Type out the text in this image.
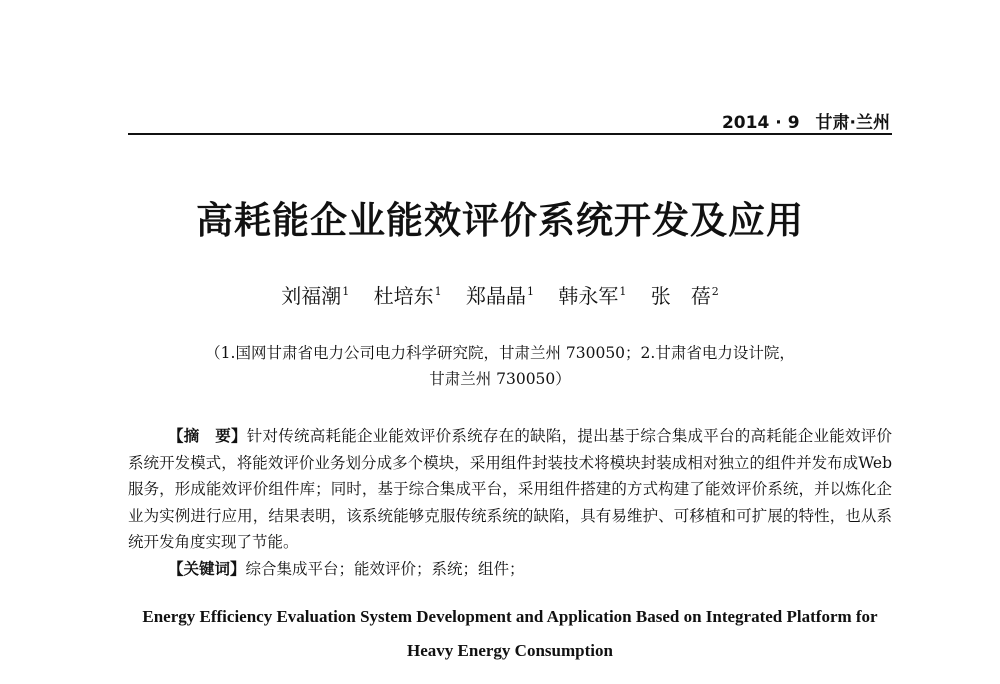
2014 · 9 甘肃·兰州
高耗能企业能效评价系统开发及应用
刘福潮$^1$ 杜培东$^1$ 郑晶晶$^1$ 韩永军$^1$ 张　蓓$^2$
（1.国网甘肃省电力公司电力科学研究院，甘肃兰州 730050；2.甘肃省电力设计院，
甘肃兰州 730050）

【摘　要】针对传统高耗能企业能效评价系统存在的缺陷，提出基于综合集成平台的高耗能企业能效评价系统开发模式，将能效评价业务划分成多个模块，采用组件封装技术将模块封装成相对独立的组件并发布成Web服务，形成能效评价组件库；同时，基于综合集成平台，采用组件搭建的方式构建了能效评价系统，并以炼化企业为实例进行应用，结果表明，该系统能够克服传统系统的缺陷，具有易维护、可移植和可扩展的特性，也从系统开发角度实现了节能。

【关键词】综合集成平台；能效评价；系统；组件；

Energy Efficiency Evaluation System Development and Application Based on Integrated Platform for
Heavy Energy Consumption
